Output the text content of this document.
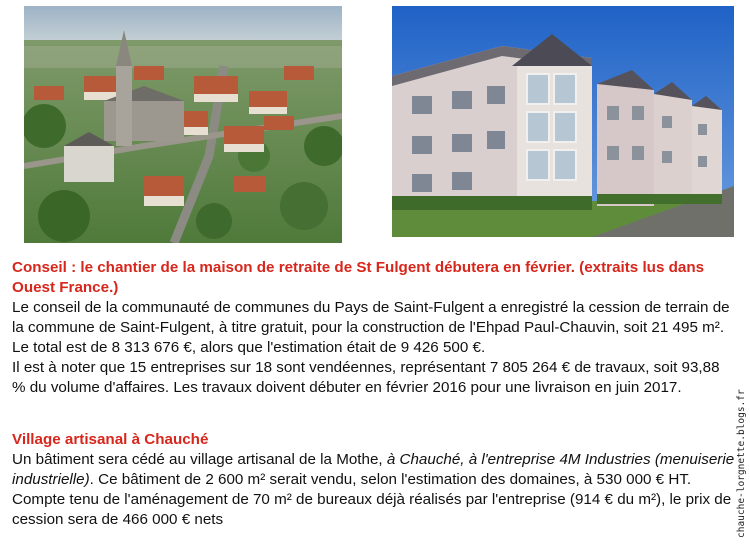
Conseil : le chantier de la maison de retraite de St Fulgent débutera en février. (extraits lus dans Ouest France.)

Le conseil de la communauté de communes du Pays de Saint-Fulgent a enregistré la cession de terrain de la commune de Saint-Fulgent, à titre gratuit, pour la construction de l'Ehpad Paul-Chauvin, soit 21 495 m². Le total est de 8 313 676 €, alors que l'estimation était de 9 426 500 €.

Il est à noter que 15 entreprises sur 18 sont vendéennes, représentant 7 805 264 € de travaux, soit 93,88 % du volume d'affaires. Les travaux doivent débuter en février 2016 pour une livraison en juin 2017.

Village artisanal à Chauché

Un bâtiment sera cédé au village artisanal de la Mothe, à Chauché, à l'entreprise 4M Industries (menuiserie industrielle). Ce bâtiment de 2 600 m² serait vendu, selon l'estimation des domaines, à 530 000 € HT. Compte tenu de l'aménagement de 70 m² de bureaux déjà réalisés par l'entreprise (914 € du m²), le prix de cession sera de 466 000 € nets	chauche-lorgnette.blogs.fr
